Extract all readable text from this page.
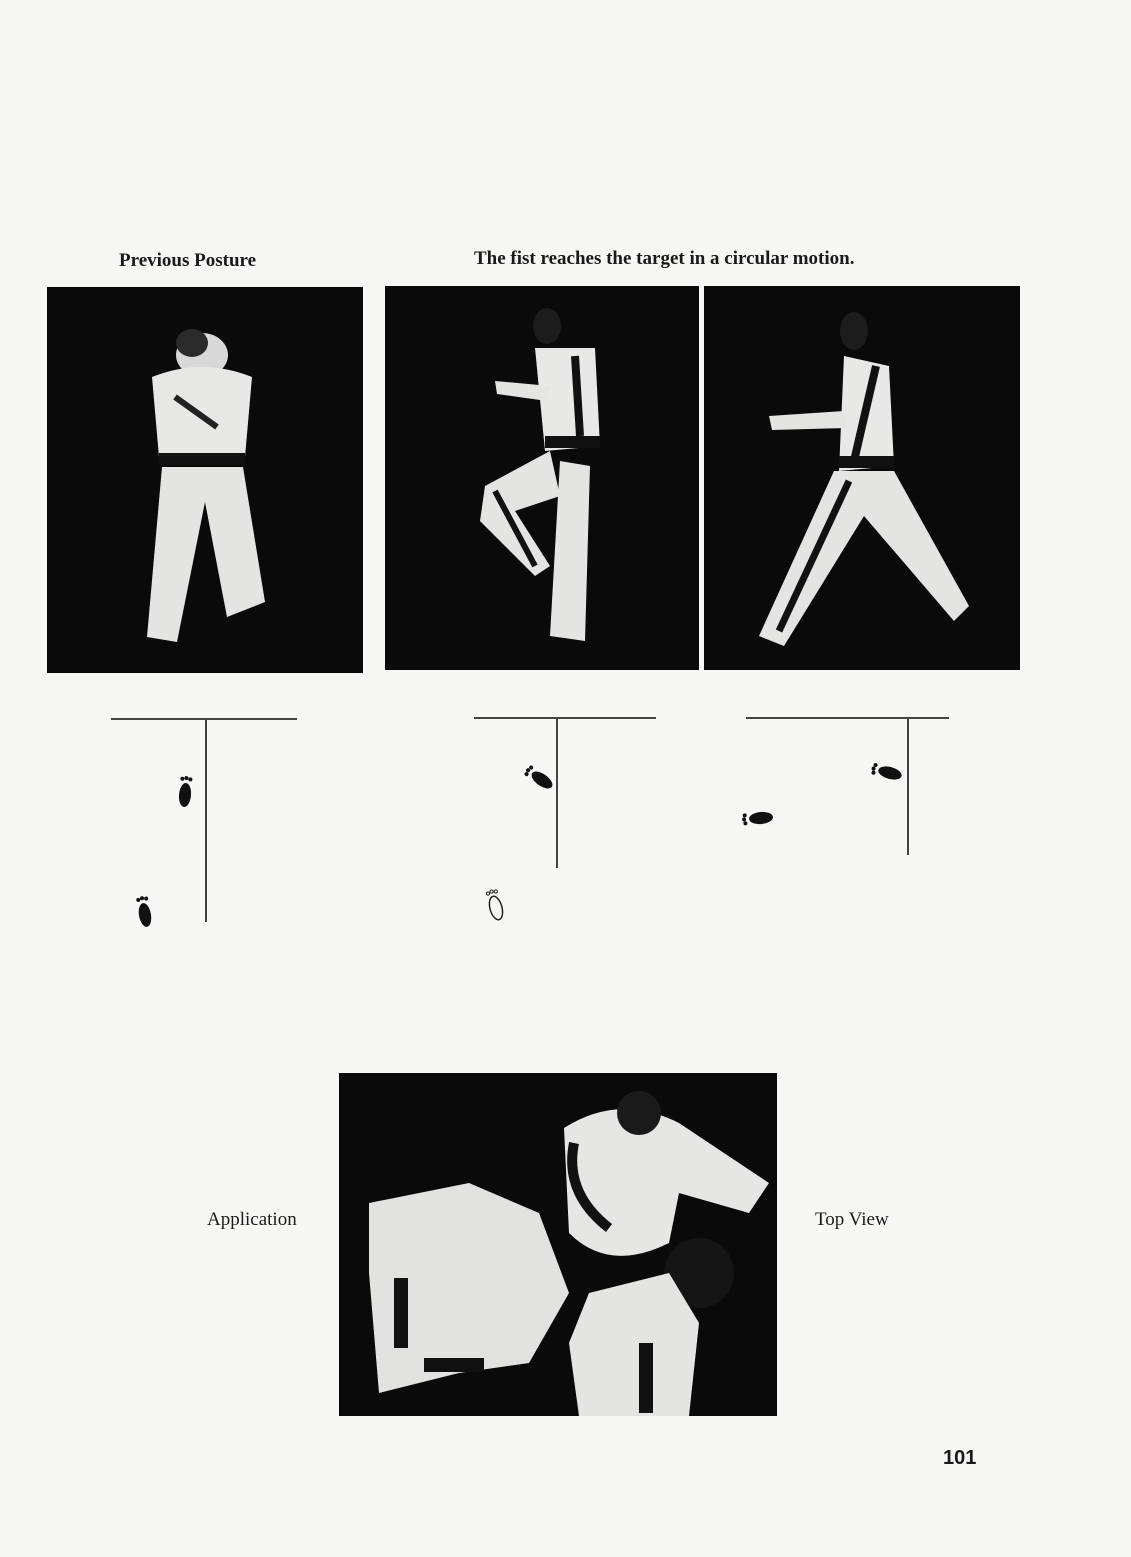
Previous Posture	The fist reaches the target in a circular motion.
Application	Top View
101
